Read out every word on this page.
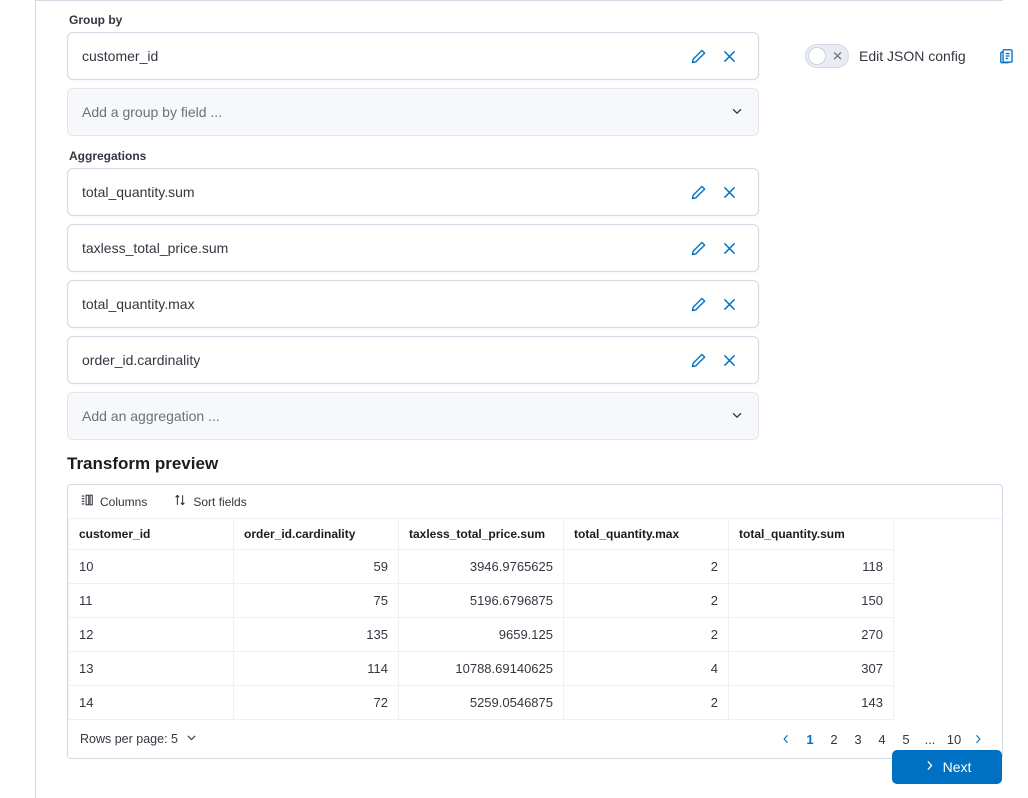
Group by
customer_id
Add a group by field ...
Aggregations
total_quantity.sum
taxless_total_price.sum
total_quantity.max
order_id.cardinality
Add an aggregation ...
Transform preview
Columns	Sort fields
customer_id	order_id.cardinality	taxless_total_price.sum	total_quantity.max	total_quantity.sum
10	59	3946.9765625	2	118
11	75	5196.6796875	2	150
12	135	9659.125	2	270
13	114	10788.69140625	4	307
14	72	5259.0546875	2	143
Rows per page: 5	1	2	3	4	5	... 10
✕ Edit JSON config
Next
